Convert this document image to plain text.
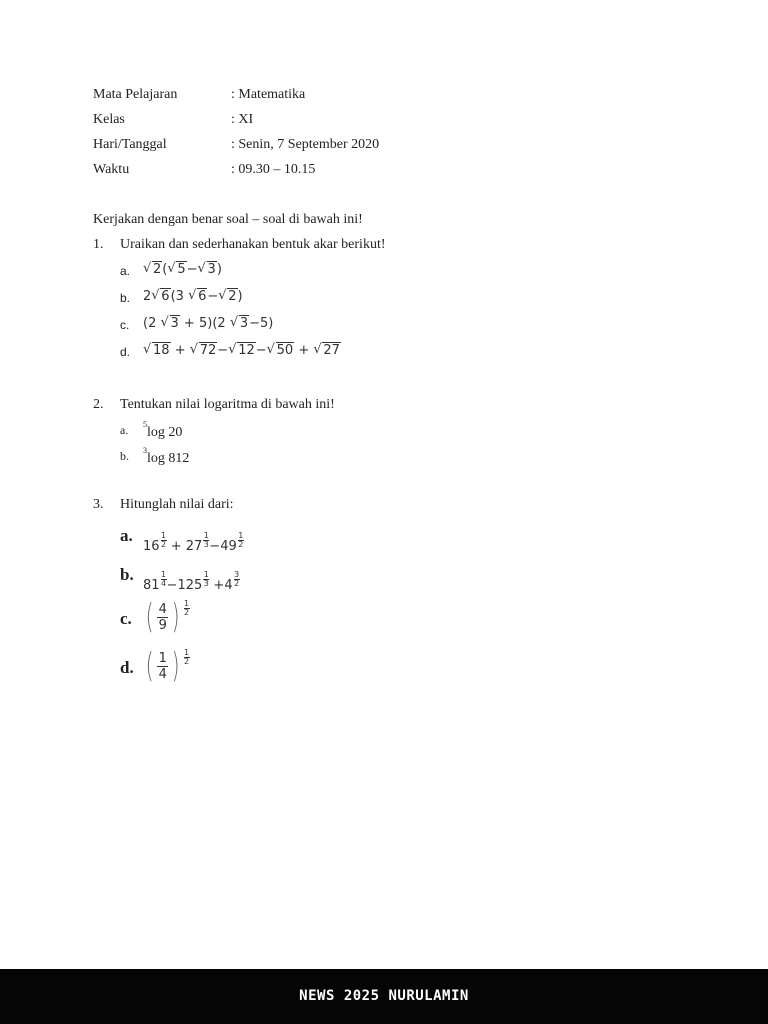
Mata Pelajaran	: Matematika
Kelas	: XI
Hari/Tanggal	: Senin, 7 September 2020
Waktu	: 09.30 – 10.15
Kerjakan dengan benar soal – soal di bawah ini!
1. Uraikan dan sederhanakan bentuk akar berikut!
a.	√ 2( √ 5− √ 3)
b. 2 √ 6(3 √ 6− √ 2)
c. (2 √ 3 + 5)(2 √ 3−5)
d.	√ 18 + √ 72− √ 12− √ 50 + √ 27
2. Tentukan nilai logaritma di bawah ini!
a. 5log 20
b. 3log 812
3. Hitunglah nilai dari:
a.
$16 \frac{1}{2} + 27 \frac{1}{3} -49 \frac{1}{2}$
b.
$81 \frac{1}{4} -125 \frac{1}{3} +4 \frac{3}{2}$
c. ( $\frac{4}{9}$ ) $\frac{1}{2}$
d. ( $\frac{1}{4}$ ) $\frac{1}{2}$
NEWS 2025 NURULAMIN
